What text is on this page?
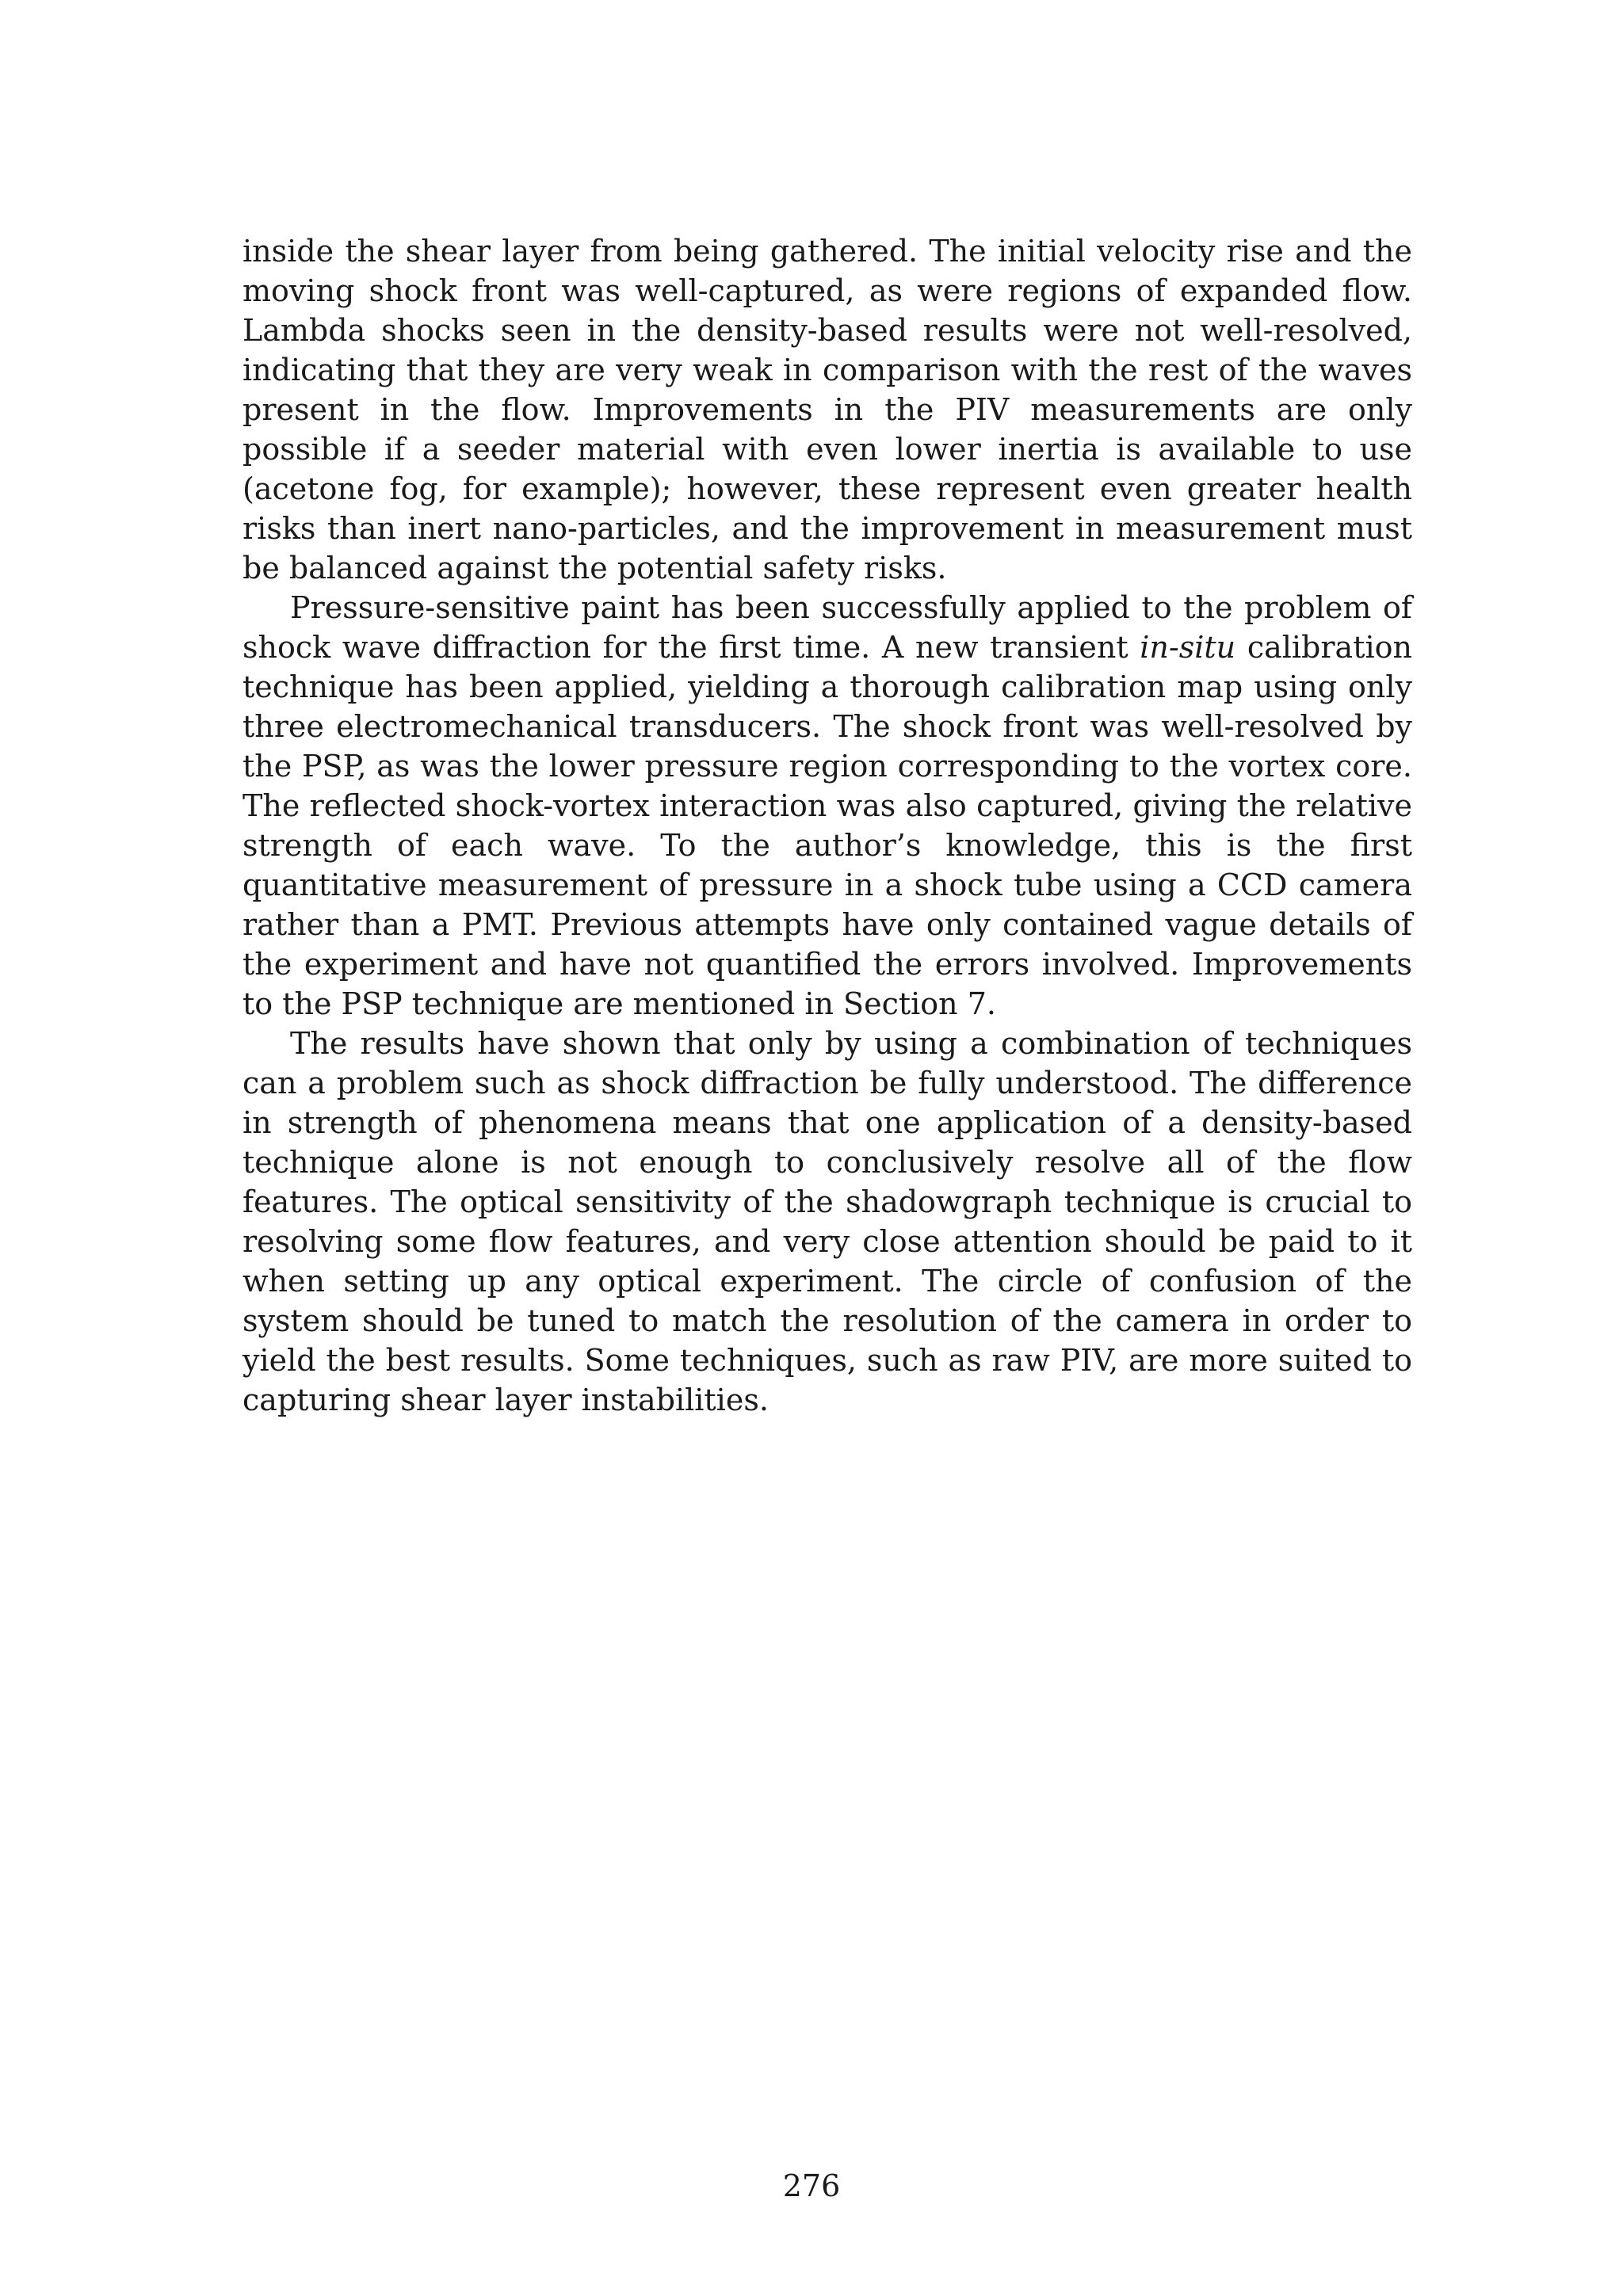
inside the shear layer from being gathered. The initial velocity rise and the moving shock front was well-captured, as were regions of expanded flow. Lambda shocks seen in the density-based results were not well-resolved, indicating that they are very weak in comparison with the rest of the waves present in the flow. Improvements in the PIV measurements are only possible if a seeder material with even lower inertia is available to use (acetone fog, for example); however, these represent even greater health risks than inert nano-particles, and the improvement in measurement must be balanced against the potential safety risks.

Pressure-sensitive paint has been successfully applied to the problem of shock wave diffraction for the first time. A new transient in-situ calibration technique has been applied, yielding a thorough calibration map using only three electromechanical transducers. The shock front was well-resolved by the PSP, as was the lower pressure region corresponding to the vortex core. The reflected shock-vortex interaction was also captured, giving the relative strength of each wave. To the author’s knowledge, this is the first quantitative measurement of pressure in a shock tube using a CCD camera rather than a PMT. Previous attempts have only contained vague details of the experiment and have not quantified the errors involved. Improvements to the PSP technique are mentioned in Section 7.

The results have shown that only by using a combination of techniques can a problem such as shock diffraction be fully understood. The difference in strength of phenomena means that one application of a density-based technique alone is not enough to conclusively resolve all of the flow features. The optical sensitivity of the shadowgraph technique is crucial to resolving some flow features, and very close attention should be paid to it when setting up any optical experiment. The circle of confusion of the system should be tuned to match the resolution of the camera in order to yield the best results. Some techniques, such as raw PIV, are more suited to capturing shear layer instabilities.

276
